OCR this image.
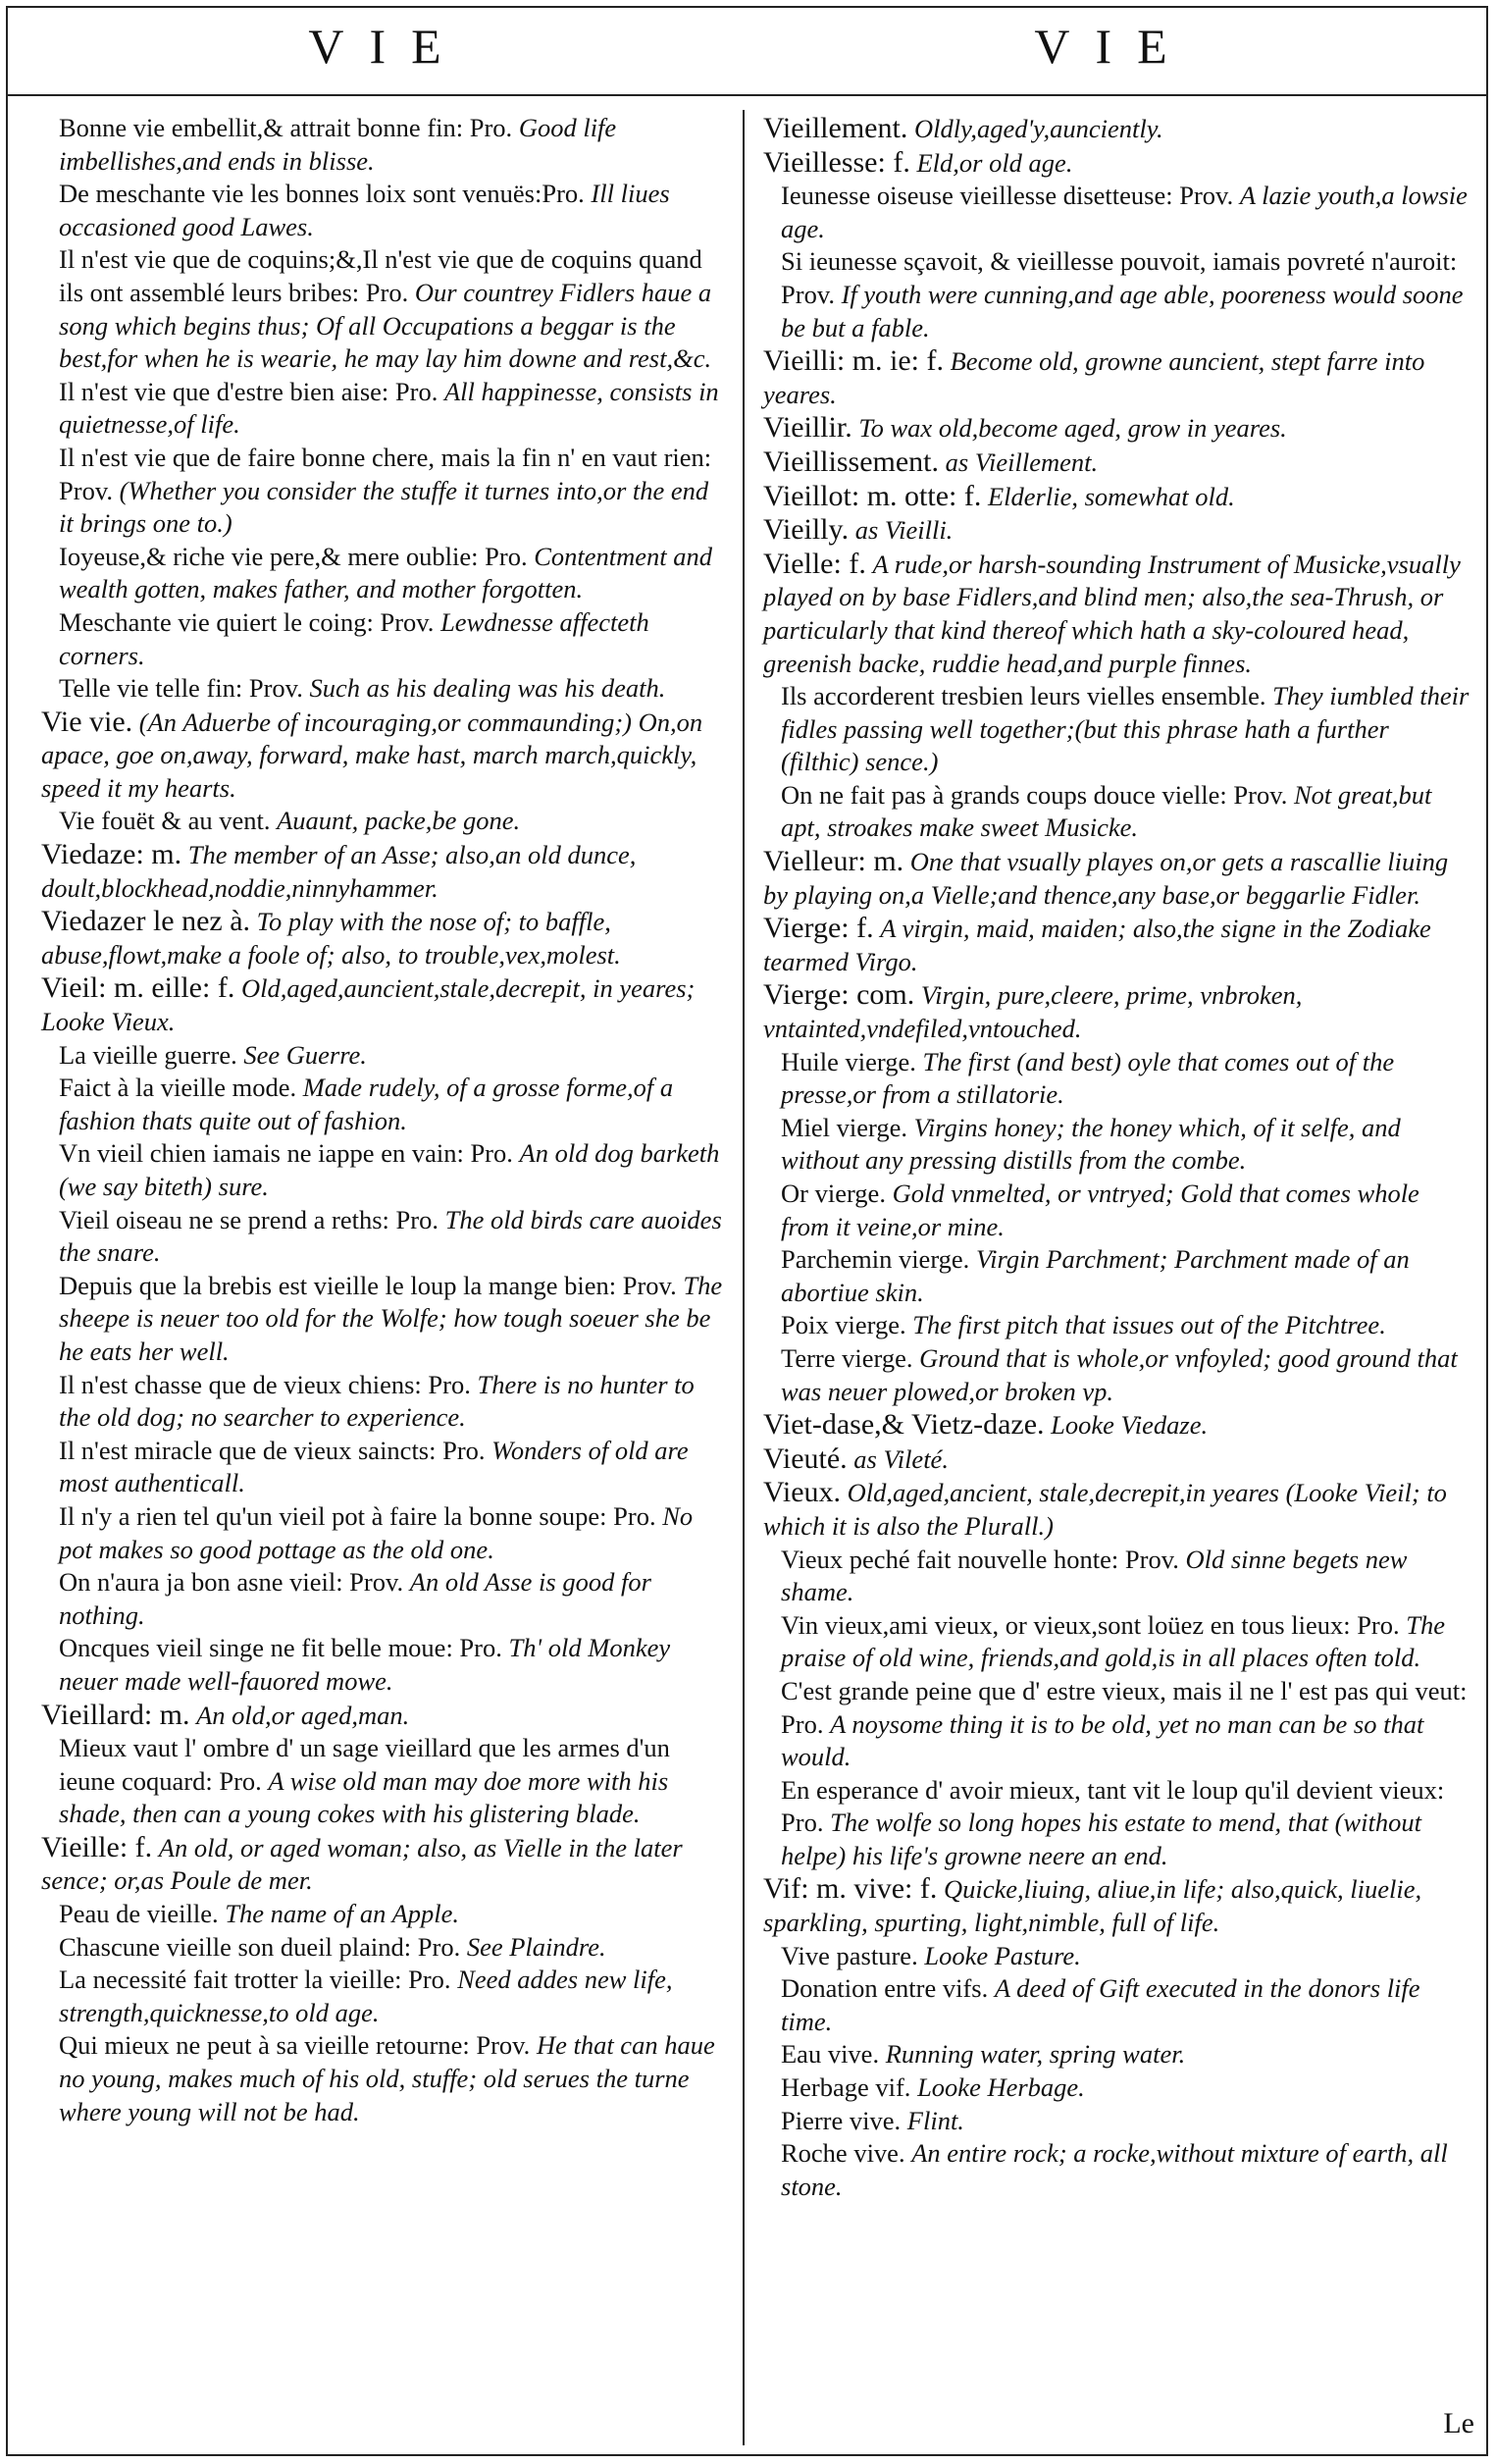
VIE	VIE

Bonne vie embellit,& attrait bonne fin: Pro. Good life imbellishes,and ends in blisse.

De meschante vie les bonnes loix sont venuës:Pro. Ill liues occasioned good Lawes.

Il n'est vie que de coquins;&,Il n'est vie que de coquins quand ils ont assemblé leurs bribes: Pro. Our countrey Fidlers haue a song which begins thus; Of all Occupations a beggar is the best,for when he is wearie, he may lay him downe and rest,&c.

Il n'est vie que d'estre bien aise: Pro. All happinesse, consists in quietnesse,of life.

Il n'est vie que de faire bonne chere, mais la fin n' en vaut rien: Prov. (Whether you consider the stuffe it turnes into,or the end it brings one to.)

Ioyeuse,& riche vie pere,& mere oublie: Pro. Contentment and wealth gotten, makes father, and mother forgotten.

Meschante vie quiert le coing: Prov. Lewdnesse affecteth corners.

Telle vie telle fin: Prov. Such as his dealing was his death.

Vie vie. (An Aduerbe of incouraging,or commaunding;) On,on apace, goe on,away, forward, make hast, march march,quickly, speed it my hearts.

Vie fouët & au vent. Auaunt, packe,be gone.

Viedaze: m. The member of an Asse; also,an old dunce, doult,blockhead,noddie,ninnyhammer.

Viedazer le nez à. To play with the nose of; to baffle, abuse,flowt,make a foole of; also, to trouble,vex,molest.

Vieil: m. eille: f. Old,aged,auncient,stale,decrepit, in yeares; Looke Vieux.

La vieille guerre. See Guerre.

Faict à la vieille mode. Made rudely, of a grosse forme,of a fashion thats quite out of fashion.

Vn vieil chien iamais ne iappe en vain: Pro. An old dog barketh (we say biteth) sure.

Vieil oiseau ne se prend a reths: Pro. The old birds care auoides the snare.

Depuis que la brebis est vieille le loup la mange bien: Prov. The sheepe is neuer too old for the Wolfe; how tough soeuer she be he eats her well.

Il n'est chasse que de vieux chiens: Pro. There is no hunter to the old dog; no searcher to experience.

Il n'est miracle que de vieux saincts: Pro. Wonders of old are most authenticall.

Il n'y a rien tel qu'un vieil pot à faire la bonne soupe: Pro. No pot makes so good pottage as the old one.

On n'aura ja bon asne vieil: Prov. An old Asse is good for nothing.

Oncques vieil singe ne fit belle moue: Pro. Th' old Monkey neuer made well-fauored mowe.

Vieillard: m. An old,or aged,man.

Mieux vaut l' ombre d' un sage vieillard que les armes d'un ieune coquard: Pro. A wise old man may doe more with his shade, then can a young cokes with his glistering blade.

Vieille: f. An old, or aged woman; also, as Vielle in the later sence; or,as Poule de mer.

Peau de vieille. The name of an Apple.

Chascune vieille son dueil plaind: Pro. See Plaindre.

La necessité fait trotter la vieille: Pro. Need addes new life, strength,quicknesse,to old age.

Qui mieux ne peut à sa vieille retourne: Prov. He that can haue no young, makes much of his old, stuffe; old serues the turne where young will not be had.

Vieillement. Oldly,aged'y,aunciently.

Vieillesse: f. Eld,or old age.

Ieunesse oiseuse vieillesse disetteuse: Prov. A lazie youth,a lowsie age.

Si ieunesse sçavoit, & vieillesse pouvoit, iamais povreté n'auroit: Prov. If youth were cunning,and age able, pooreness would soone be but a fable.

Vieilli: m. ie: f. Become old, growne auncient, stept farre into yeares.

Vieillir. To wax old,become aged, grow in yeares.

Vieillissement. as Vieillement.

Vieillot: m. otte: f. Elderlie, somewhat old.

Vieilly. as Vieilli.

Vielle: f. A rude,or harsh-sounding Instrument of Musicke,vsually played on by base Fidlers,and blind men; also,the sea-Thrush, or particularly that kind thereof which hath a sky-coloured head, greenish backe, ruddie head,and purple finnes.

Ils accorderent tresbien leurs vielles ensemble. They iumbled their fidles passing well together;(but this phrase hath a further (filthic) sence.)

On ne fait pas à grands coups douce vielle: Prov. Not great,but apt, stroakes make sweet Musicke.

Vielleur: m. One that vsually playes on,or gets a rascallie liuing by playing on,a Vielle;and thence,any base,or beggarlie Fidler.

Vierge: f. A virgin, maid, maiden; also,the signe in the Zodiake tearmed Virgo.

Vierge: com. Virgin, pure,cleere, prime, vnbroken, vntainted,vndefiled,vntouched.

Huile vierge. The first (and best) oyle that comes out of the presse,or from a stillatorie.

Miel vierge. Virgins honey; the honey which, of it selfe, and without any pressing distills from the combe.

Or vierge. Gold vnmelted, or vntryed; Gold that comes whole from it veine,or mine.

Parchemin vierge. Virgin Parchment; Parchment made of an abortiue skin.

Poix vierge. The first pitch that issues out of the Pitchtree.

Terre vierge. Ground that is whole,or vnfoyled; good ground that was neuer plowed,or broken vp.

Viet-dase,& Vietz-daze. Looke Viedaze.

Vieuté. as Vileté.

Vieux. Old,aged,ancient, stale,decrepit,in yeares (Looke Vieil; to which it is also the Plurall.)

Vieux peché fait nouvelle honte: Prov. Old sinne begets new shame.

Vin vieux,ami vieux, or vieux,sont loüez en tous lieux: Pro. The praise of old wine, friends,and gold,is in all places often told.

C'est grande peine que d' estre vieux, mais il ne l' est pas qui veut: Pro. A noysome thing it is to be old, yet no man can be so that would.

En esperance d' avoir mieux, tant vit le loup qu'il devient vieux: Pro. The wolfe so long hopes his estate to mend, that (without helpe) his life's growne neere an end.

Vif: m. vive: f. Quicke,liuing, aliue,in life; also,quick, liuelie, sparkling, spurting, light,nimble, full of life.

Vive pasture. Looke Pasture.

Donation entre vifs. A deed of Gift executed in the donors life time.

Eau vive. Running water, spring water.

Herbage vif. Looke Herbage.

Pierre vive. Flint.

Roche vive. An entire rock; a rocke,without mixture of earth, all stone.

Le
